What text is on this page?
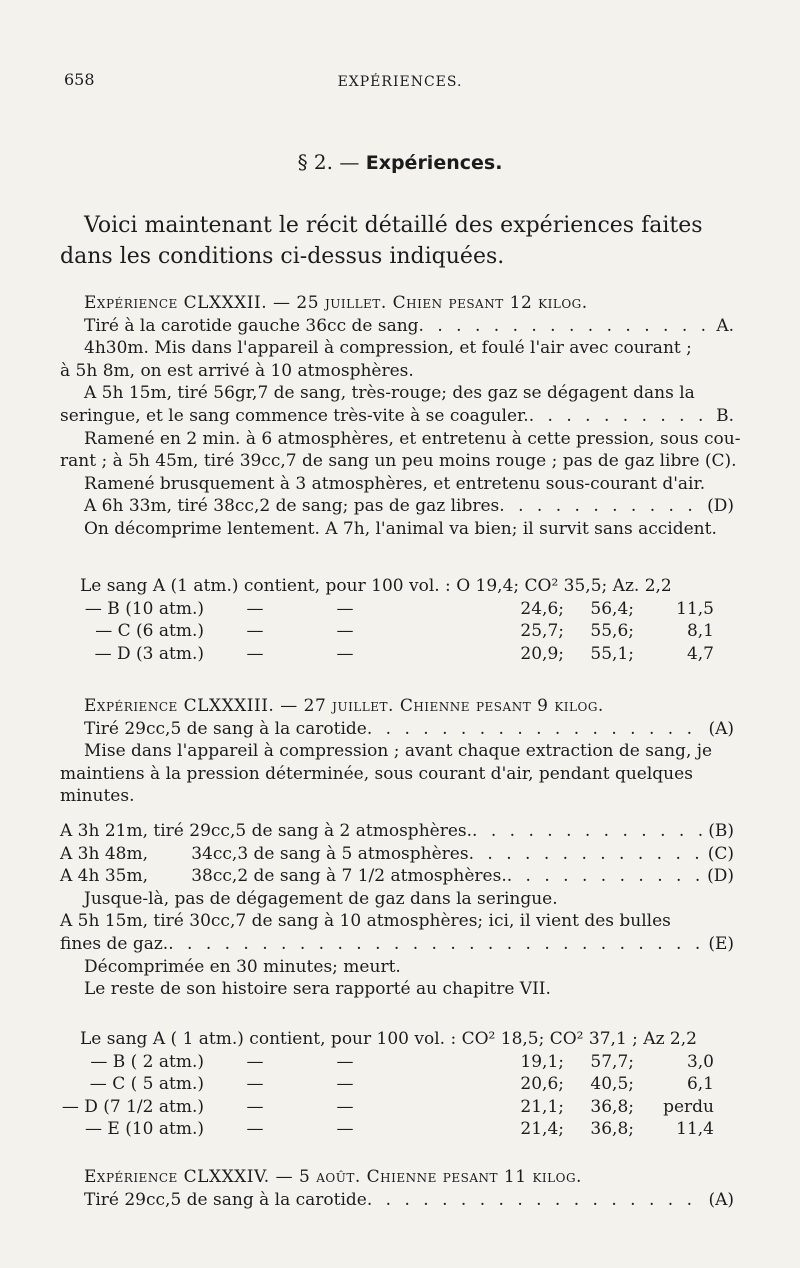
658	EXPÉRIENCES.
§ 2. — Expériences.
Voici maintenant le récit détaillé des expériences faites
dans les conditions ci-dessus indiquées.
Expérience CLXXXII. — 25 juillet. Chien pesant 12 kilog.
Tiré à la carotide gauche 36cc de sang . . .	A.
4h30m. Mis dans l'appareil à compression, et foulé l'air avec courant ;
à 5h 8m, on est arrivé à 10 atmosphères.
A 5h 15m, tiré 56gr,7 de sang, très-rouge; des gaz se dégagent dans la
seringue, et le sang commence très-vite à se coaguler. . . .	B.
Ramené en 2 min. à 6 atmosphères, et entretenu à cette pression, sous cou-
rant ; à 5h 45m, tiré 39cc,7 de sang un peu moins rouge ; pas de gaz libre (C).
Ramené brusquement à 3 atmosphères, et entretenu sous-courant d'air.
A 6h 33m, tiré 38cc,2 de sang; pas de gaz libres . . .	(D)
On décomprime lentement. A 7h, l'animal va bien; il survit sans accident.
Le sang A (1 atm.) contient, pour 100 vol. : O 19,4; CO² 35,5; Az. 2,2
— B (10 atm.)	—	—	24,6;	56,4;	11,5
— C (6 atm.)	—	—	25,7;	55,6;	8,1
— D (3 atm.)	—	—	20,9;	55,1;	4,7
Expérience CLXXXIII. — 27 juillet. Chienne pesant 9 kilog.
Tiré 29cc,5 de sang à la carotide . . .	(A)
Mise dans l'appareil à compression ; avant chaque extraction de sang, je
maintiens à la pression déterminée, sous courant d'air, pendant quelques
minutes.
A 3h 21m, tiré 29cc,5 de sang à 2 atmosphères. . . .	(B)
A 3h 48m,        34cc,3 de sang à 5 atmosphères . . .	(C)
A 4h 35m,        38cc,2 de sang à 7 1/2 atmosphères. . . .	(D)
Jusque-là, pas de dégagement de gaz dans la seringue.
A 5h 15m, tiré 30cc,7 de sang à 10 atmosphères; ici, il vient des bulles
fines de gaz. . . .	(E)
Décomprimée en 30 minutes; meurt.
Le reste de son histoire sera rapporté au chapitre VII.
Le sang A ( 1 atm.) contient, pour 100 vol. : CO² 18,5; CO² 37,1 ; Az 2,2
— B ( 2 atm.)	—	—	19,1;	57,7;	3,0
— C ( 5 atm.)	—	—	20,6;	40,5;	6,1
— D (7 1/2 atm.)	—	—	21,1;	36,8;	perdu
— E (10 atm.)	—	—	21,4;	36,8;	11,4
Expérience CLXXXIV. — 5 août. Chienne pesant 11 kilog.
Tiré 29cc,5 de sang à la carotide . . .	(A)
